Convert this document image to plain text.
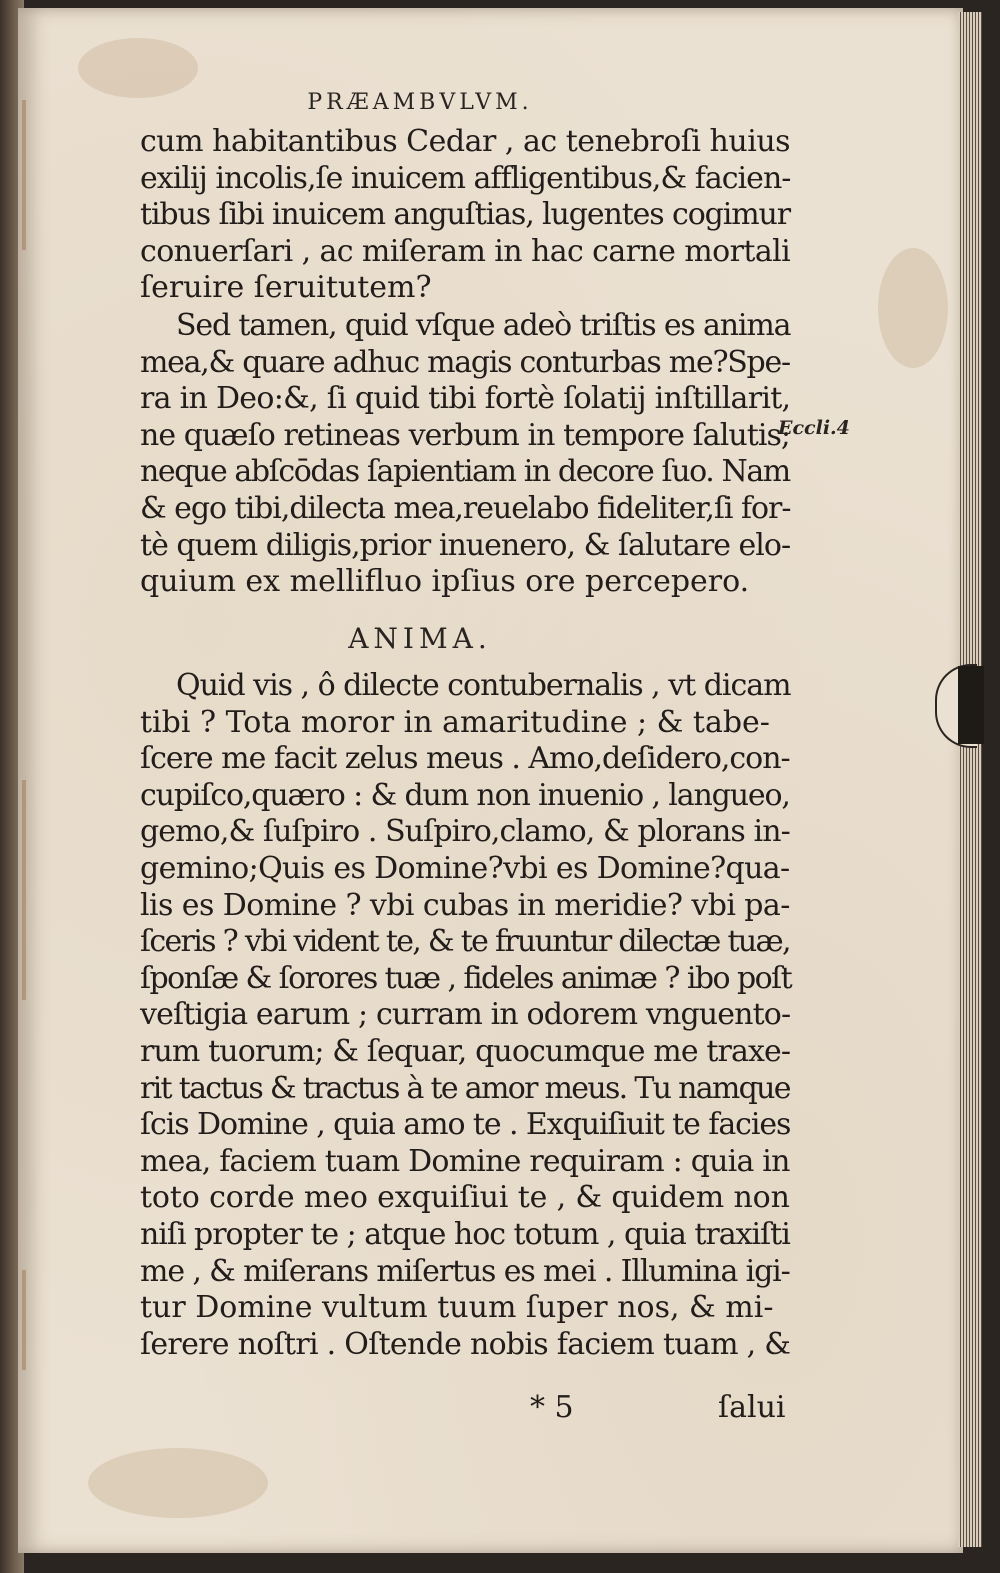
PRÆAMBVLVM.
cum habitantibus Cedar , ac tenebroſi huius
exilij incolis,ſe inuicem affligentibus,& facien-
tibus ſibi inuicem anguſtias, lugentes cogimur
conuerſari , ac miſeram in hac carne mortali
ſeruire ſeruitutem?
Sed tamen, quid vſque adeò triſtis es anima
mea,& quare adhuc magis conturbas me?Spe-
ra in Deo:&, ſi quid tibi fortè ſolatij inſtillarit,
ne quæſo retineas verbum in tempore ſalutis;
neque abſcōdas ſapientiam in decore ſuo. Nam
& ego tibi,dilecta mea,reuelabo fideliter,ſi for-
tè quem diligis,prior inuenero, & ſalutare elo-
quium ex mellifluo ipſius ore percepero.
Eccli.4
ANIMA.
Quid vis , ô dilecte contubernalis , vt dicam
tibi ? Tota moror in amaritudine ; & tabe-
ſcere me facit zelus meus . Amo,deſidero,con-
cupiſco,quæro : & dum non inuenio , langueo,
gemo,& ſuſpiro . Suſpiro,clamo, & plorans in-
gemino;Quis es Domine?vbi es Domine?qua-
lis es Domine ? vbi cubas in meridie? vbi pa-
ſceris ? vbi vident te, & te fruuntur dilectæ tuæ,
ſponſæ & ſorores tuæ , fideles animæ ? ibo poſt
veſtigia earum ; curram in odorem vnguento-
rum tuorum; & ſequar, quocumque me traxe-
rit tactus & tractus à te amor meus. Tu namque
ſcis Domine , quia amo te . Exquiſiuit te facies
mea, faciem tuam Domine requiram : quia in
toto corde meo exquiſiui te , & quidem non
niſi propter te ; atque hoc totum , quia traxiſti
me , & miſerans miſertus es mei . Illumina igi-
tur Domine vultum tuum ſuper nos, & mi-
ſerere noſtri . Oſtende nobis faciem tuam , &
* 5	ſalui
